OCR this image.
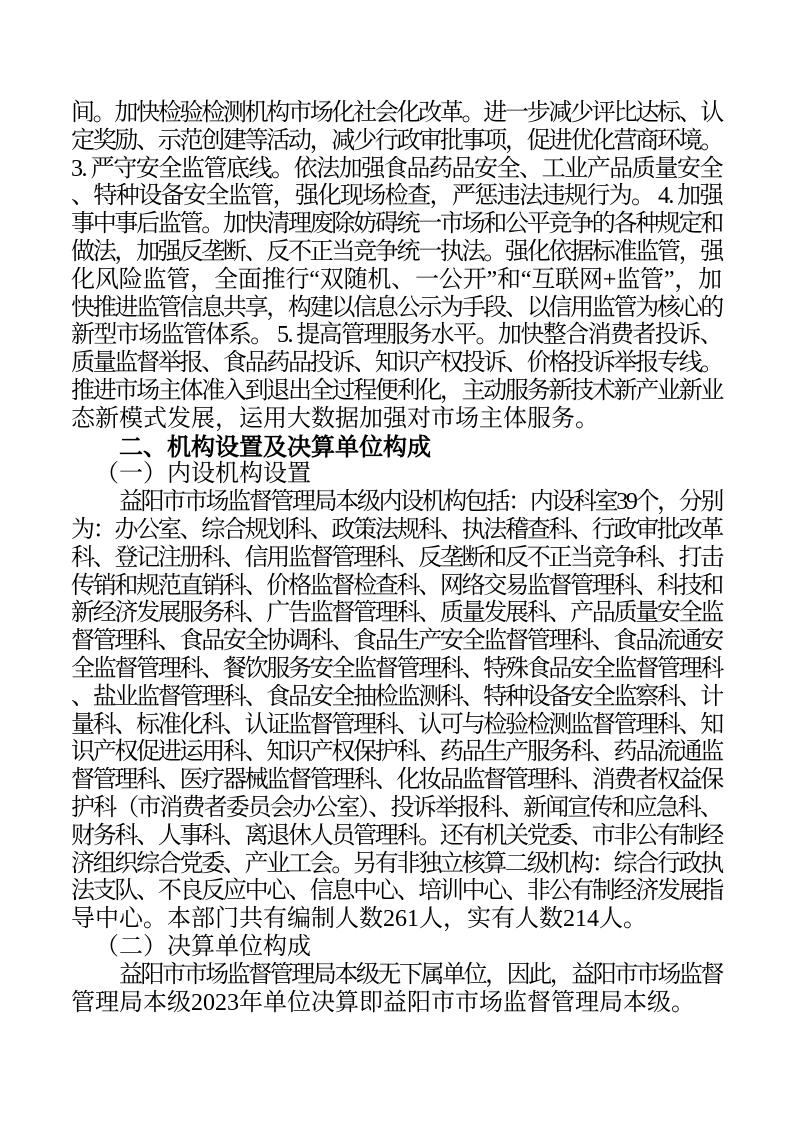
间。加快检验检测机构市场化社会化改革。进一步减少评比达标、认
定奖励、示范创建等活动，减少行政审批事项，促进优化营商环境。
3. 严守安全监管底线。依法加强食品药品安全、工业产品质量安全
、特种设备安全监管，强化现场检查，严惩违法违规行为。 4. 加强
事中事后监管。加快清理废除妨碍统一市场和公平竞争的各种规定和
做法，加强反垄断、反不正当竞争统一执法。强化依据标准监管，强
化风险监管，全面推行“双随机、一公开”和“互联网+监管”，加
快推进监管信息共享，构建以信息公示为手段、以信用监管为核心的
新型市场监管体系。 5. 提高管理服务水平。加快整合消费者投诉、
质量监督举报、食品药品投诉、知识产权投诉、价格投诉举报专线。
推进市场主体准入到退出全过程便利化，主动服务新技术新产业新业
态新模式发展，运用大数据加强对市场主体服务。
二、机构设置及决算单位构成
（一）内设机构设置
益阳市市场监督管理局本级内设机构包括：内设科室39个，分别
为：办公室、综合规划科、政策法规科、执法稽查科、行政审批改革
科、登记注册科、信用监督管理科、反垄断和反不正当竞争科、打击
传销和规范直销科、价格监督检查科、网络交易监督管理科、科技和
新经济发展服务科、广告监督管理科、质量发展科、产品质量安全监
督管理科、食品安全协调科、食品生产安全监督管理科、食品流通安
全监督管理科、餐饮服务安全监督管理科、特殊食品安全监督管理科
、盐业监督管理科、食品安全抽检监测科、特种设备安全监察科、计
量科、标准化科、认证监督管理科、认可与检验检测监督管理科、知
识产权促进运用科、知识产权保护科、药品生产服务科、药品流通监
督管理科、医疗器械监督管理科、化妆品监督管理科、消费者权益保
护科（市消费者委员会办公室）、投诉举报科、新闻宣传和应急科、
财务科、人事科、离退休人员管理科。还有机关党委、市非公有制经
济组织综合党委、产业工会。另有非独立核算二级机构：综合行政执
法支队、不良反应中心、信息中心、培训中心、非公有制经济发展指
导中心。本部门共有编制人数261人，实有人数214人。
（二）决算单位构成
益阳市市场监督管理局本级无下属单位，因此，益阳市市场监督
管理局本级2023年单位决算即益阳市市场监督管理局本级。
